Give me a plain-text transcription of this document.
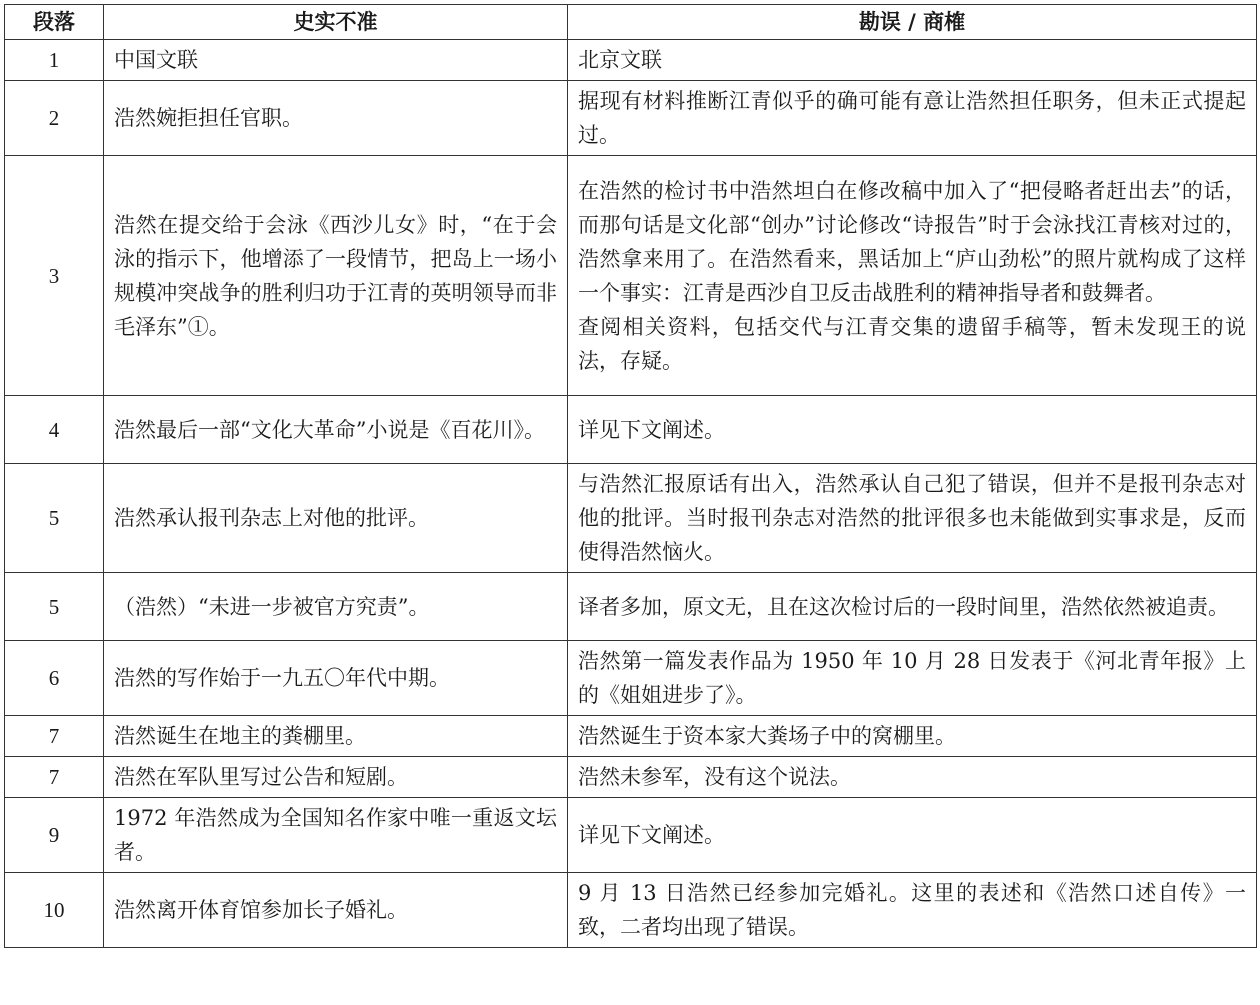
段落	史实不准	勘误 / 商榷
1	中国文联	北京文联

2	浩然婉拒担任官职。	据现有材料推断江青似乎的确可能有意让浩然担任职务，但未正式提起过。

3	浩然在提交给于会泳《西沙儿女》时，“在于会泳的指示下，他增添了一段情节，把岛上一场小规模冲突战争的胜利归功于江青的英明领导而非毛泽东”①。	在浩然的检讨书中浩然坦白在修改稿中加入了“把侵略者赶出去”的话，而那句话是文化部“创办”讨论修改“诗报告”时于会泳找江青核对过的，浩然拿来用了。在浩然看来，黑话加上“庐山劲松”的照片就构成了这样一个事实：江青是西沙自卫反击战胜利的精神指导者和鼓舞者。
查阅相关资料，包括交代与江青交集的遗留手稿等，暂未发现王的说法，存疑。

4	浩然最后一部“文化大革命”小说是《百花川》。	详见下文阐述。

5	浩然承认报刊杂志上对他的批评。	与浩然汇报原话有出入，浩然承认自己犯了错误，但并不是报刊杂志对他的批评。当时报刊杂志对浩然的批评很多也未能做到实事求是，反而使得浩然恼火。

5	（浩然）“未进一步被官方究责”。	译者多加，原文无，且在这次检讨后的一段时间里，浩然依然被追责。

6	浩然的写作始于一九五〇年代中期。	浩然第一篇发表作品为 1950 年 10 月 28 日发表于《河北青年报》上的《姐姐进步了》。

7	浩然诞生在地主的粪棚里。	浩然诞生于资本家大粪场子中的窝棚里。

7	浩然在军队里写过公告和短剧。	浩然未参军，没有这个说法。

9	1972 年浩然成为全国知名作家中唯一重返文坛者。	详见下文阐述。

10	浩然离开体育馆参加长子婚礼。	9 月 13 日浩然已经参加完婚礼。这里的表述和《浩然口述自传》一致，二者均出现了错误。
